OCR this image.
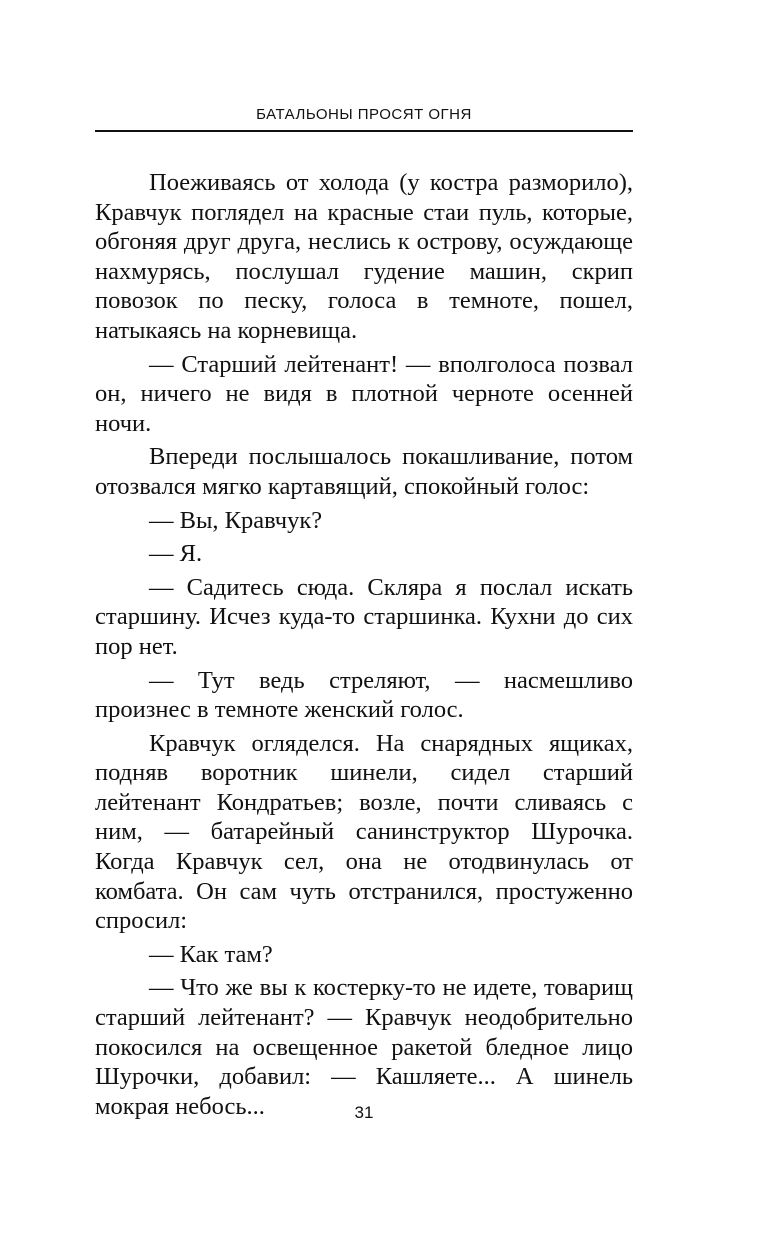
БАТАЛЬОНЫ ПРОСЯТ ОГНЯ

Поеживаясь от холода (у костра разморило), Кравчук поглядел на красные стаи пуль, которые, обгоняя друг друга, неслись к острову, осуждающе нахмурясь, послушал гудение машин, скрип повозок по песку, голоса в темноте, пошел, натыкаясь на корневища.

— Старший лейтенант! — вполголоса позвал он, ничего не видя в плотной черноте осенней ночи.

Впереди послышалось покашливание, потом отозвался мягко картавящий, спокойный голос:

— Вы, Кравчук?

— Я.

— Садитесь сюда. Скляра я послал искать старшину. Исчез куда-то старшинка. Кухни до сих пор нет.

— Тут ведь стреляют, — насмешливо произнес в темноте женский голос.

Кравчук огляделся. На снарядных ящиках, подняв воротник шинели, сидел старший лейтенант Кондратьев; возле, почти сливаясь с ним, — батарейный санинструктор Шурочка. Когда Кравчук сел, она не отодвинулась от комбата. Он сам чуть отстранился, простуженно спросил:

— Как там?

— Что же вы к костерку-то не идете, товарищ старший лейтенант? — Кравчук неодобрительно покосился на освещенное ракетой бледное лицо Шурочки, добавил: — Кашляете... А шинель мокрая небось...	31
